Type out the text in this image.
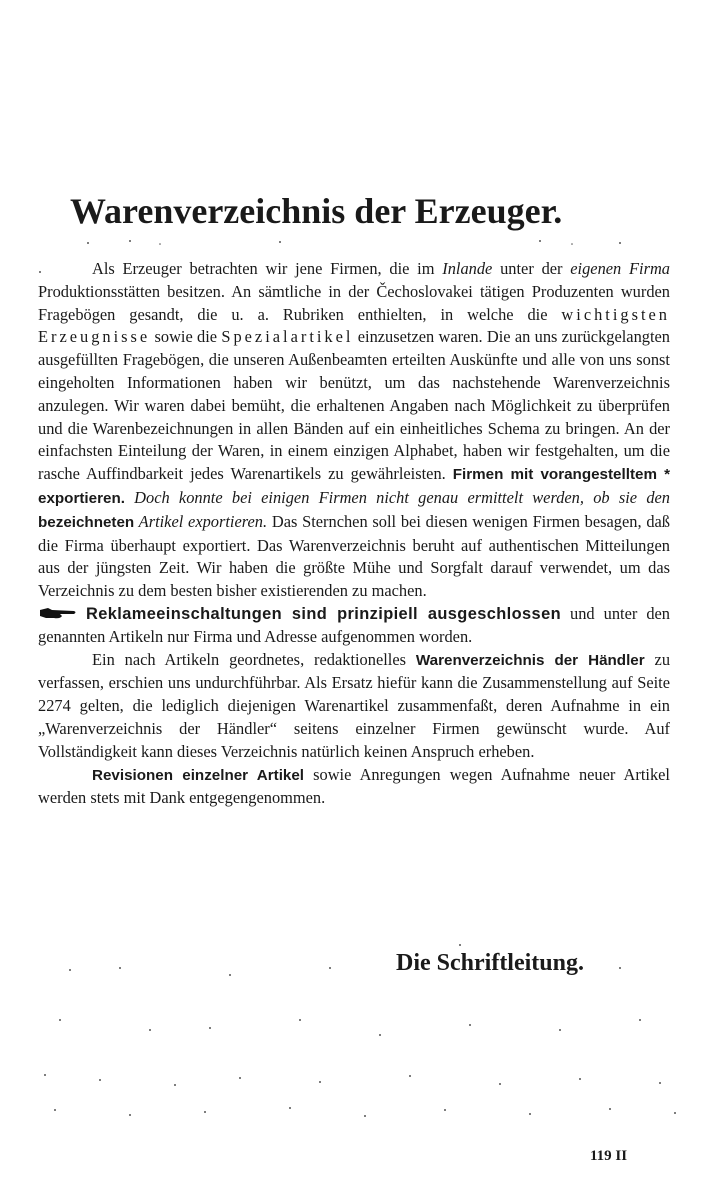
Warenverzeichnis der Erzeuger.

Als Erzeuger betrachten wir jene Firmen, die im Inlande unter der eigenen Firma Produktionsstätten besitzen. An sämtliche in der Čechoslovakei tätigen Produzenten wurden Fragebögen gesandt, die u. a. Rubriken enthielten, in welche die wichtigsten Erzeugnisse sowie die Spezialartikel einzusetzen waren. Die an uns zurückgelangten ausgefüllten Fragebögen, die unseren Außenbeamten erteilten Auskünfte und alle von uns sonst eingeholten Informationen haben wir benützt, um das nachstehende Warenverzeichnis anzulegen. Wir waren dabei bemüht, die erhaltenen Angaben nach Möglichkeit zu überprüfen und die Warenbezeichnungen in allen Bänden auf ein einheitliches Schema zu bringen. An der einfachsten Einteilung der Waren, in einem einzigen Alphabet, haben wir festgehalten, um die rasche Auffindbarkeit jedes Warenartikels zu gewährleisten. Firmen mit vorangestelltem * exportieren. Doch konnte bei einigen Firmen nicht genau ermittelt werden, ob sie den bezeichneten Artikel exportieren. Das Sternchen soll bei diesen wenigen Firmen besagen, daß die Firma überhaupt exportiert. Das Warenverzeichnis beruht auf authentischen Mitteilungen aus der jüngsten Zeit. Wir haben die größte Mühe und Sorgfalt darauf verwendet, um das Verzeichnis zu dem besten bisher existierenden zu machen.

Reklameeinschaltungen sind prinzipiell ausgeschlossen und unter den genannten Artikeln nur Firma und Adresse aufgenommen worden.

Ein nach Artikeln geordnetes, redaktionelles Warenverzeichnis der Händler zu verfassen, erschien uns undurchführbar. Als Ersatz hiefür kann die Zusammenstellung auf Seite 2274 gelten, die lediglich diejenigen Warenartikel zusammenfaßt, deren Aufnahme in ein „Warenverzeichnis der Händler“ seitens einzelner Firmen gewünscht wurde. Auf Vollständigkeit kann dieses Verzeichnis natürlich keinen Anspruch erheben.

Revisionen einzelner Artikel sowie Anregungen wegen Aufnahme neuer Artikel werden stets mit Dank entgegengenommen.

Die Schriftleitung.
119 II
